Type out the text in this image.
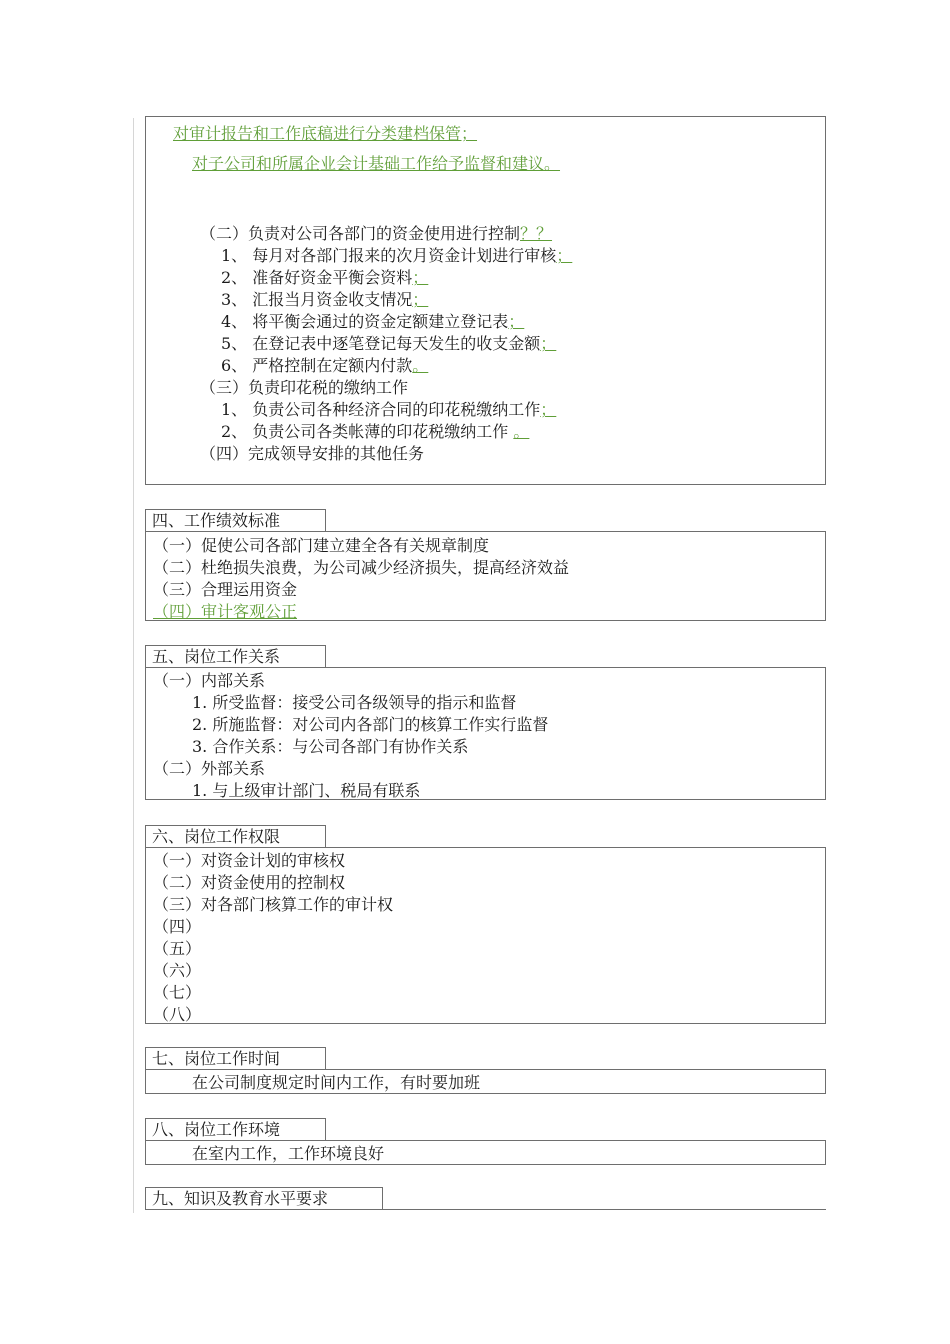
对审计报告和工作底稿进行分类建档保管；
对子公司和所属企业会计基础工作给予监督和建议。
（二）负责对公司各部门的资金使用进行控制？？
1、 每月对各部门报来的次月资金计划进行审核；
2、 准备好资金平衡会资料；
3、 汇报当月资金收支情况；
4、 将平衡会通过的资金定额建立登记表；
5、 在登记表中逐笔登记每天发生的收支金额；
6、 严格控制在定额内付款。
（三）负责印花税的缴纳工作
1、 负责公司各种经济合同的印花税缴纳工作；
2、 负责公司各类帐薄的印花税缴纳工作 。
（四）完成领导安排的其他任务
四、工作绩效标准
（一）促使公司各部门建立建全各有关规章制度
（二）杜绝损失浪费，为公司减少经济损失，提高经济效益
（三）合理运用资金
（四）审计客观公正
五、岗位工作关系
（一）内部关系
1. 所受监督：接受公司各级领导的指示和监督
2. 所施监督：对公司内各部门的核算工作实行监督
3. 合作关系：与公司各部门有协作关系
（二）外部关系
1. 与上级审计部门、税局有联系
六、岗位工作权限
（一）对资金计划的审核权
（二）对资金使用的控制权
（三）对各部门核算工作的审计权
（四）
（五）
（六）
（七）
（八）
七、岗位工作时间
在公司制度规定时间内工作，有时要加班
八、岗位工作环境
在室内工作，工作环境良好
九、知识及教育水平要求
